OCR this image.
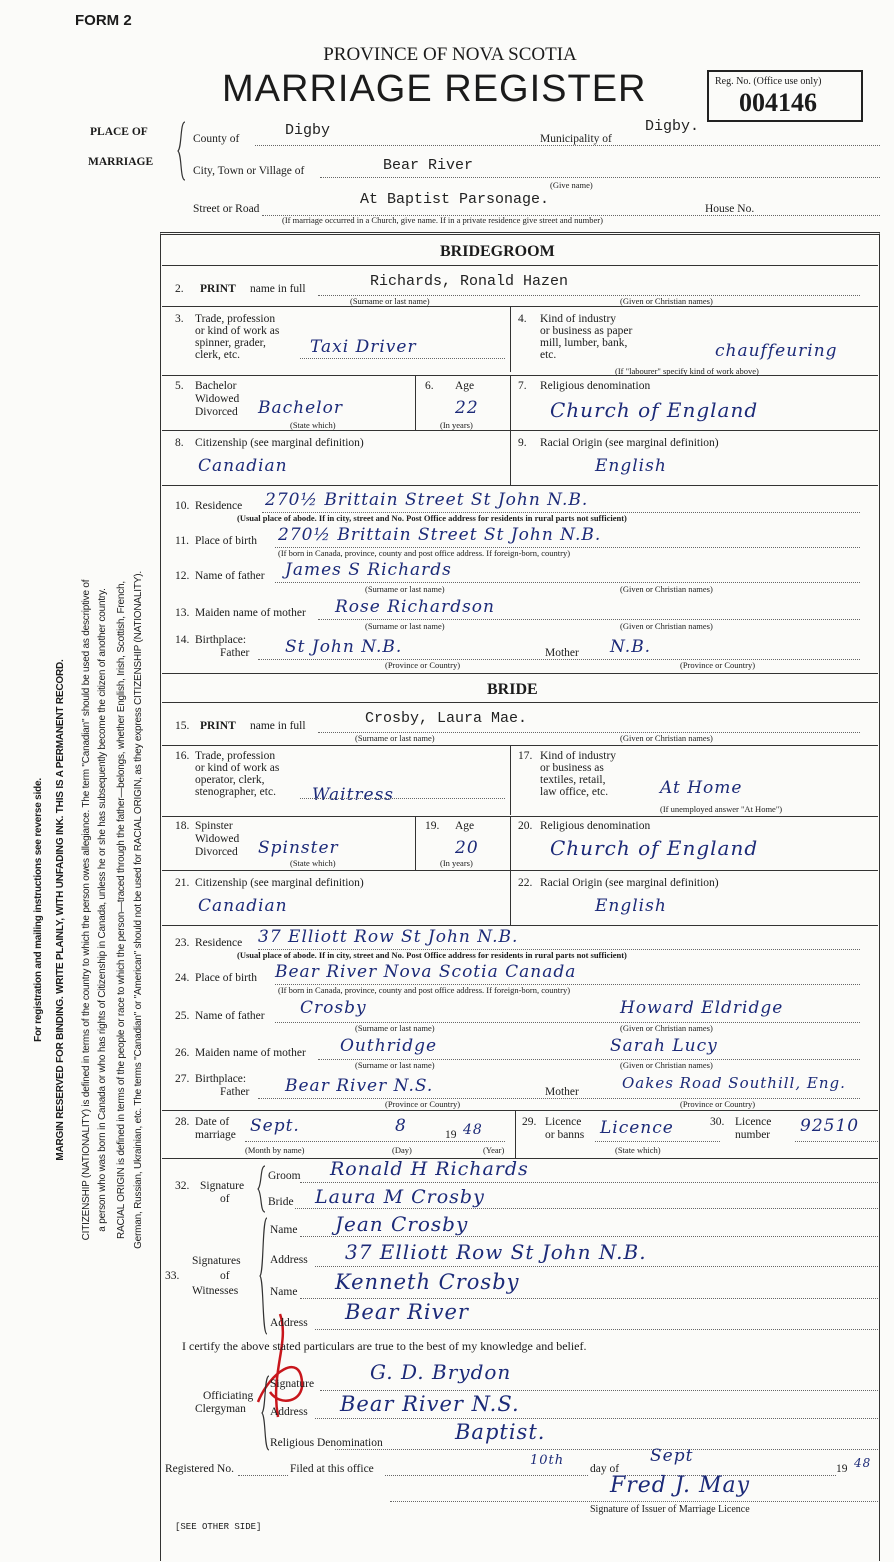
FORM 2
PROVINCE OF NOVA SCOTIA
MARRIAGE REGISTER	Reg. No. (Office use only)
004146
For registration and mailing instructions see reverse side. MARGIN RESERVED FOR BINDING. WRITE PLAINLY, WITH UNFADING INK. THIS IS A PERMANENT RECORD. CITIZENSHIP (NATIONALITY) is defined in terms of the country to which the person owes allegiance. The term "Canadian" should be used as descriptive of a person who was born in Canada or who has rights of Citizenship in Canada, unless he or she has subsequently become the citizen of another country. RACIAL ORIGIN is defined in terms of the people or race to which the person—traced through the father—belongs, whether English, Irish, Scottish, French, German, Russian, Ukrainian, etc. The terms "Canadian" or "American" should not be used for RACIAL ORIGIN, as they express CITIZENSHIP (NATIONALITY).
PLACE OF
MARRIAGE
County of	Digby	Municipality of
Digby.
City, Town or Village of	Bear River
(Give name)
Street or Road
At Baptist Parsonage.
House No.
(If marriage occurred in a Church, give name. If in a private residence give street and number)
BRIDEGROOM
2. PRINT name in full	Richards, Ronald Hazen
(Surname or last name)	(Given or Christian names)
3. Trade, profession
or kind of work as
spinner, grader,
clerk, etc.	Taxi Driver
4. Kind of industry
or business as paper
mill, lumber, bank,
etc.	chauffeuring
(If "labourer" specify kind of work above)
5. Bachelor
Widowed
Divorced Bachelor
(State which)
6. Age
22
(In years)
7. Religious denomination
Church of England
8. Citizenship (see marginal definition)
Canadian
9. Racial Origin (see marginal definition)
English
10. Residence 270½ Brittain Street St John N.B.
(Usual place of abode. If in city, street and No. Post Office address for residents in rural parts not sufficient)
11. Place of birth 270½ Brittain Street St John N.B.
(If born in Canada, province, county and post office address. If foreign-born, country)
12. Name of father James S Richards
(Surname or last name)	(Given or Christian names)
13. Maiden name of mother Rose Richardson
(Surname or last name)	(Given or Christian names)
14. Birthplace:
Father St John N.B.	Mother N.B.
(Province or Country)	(Province or Country)
BRIDE
15. PRINT name in full	Crosby, Laura Mae.
(Surname or last name)	(Given or Christian names)
16. Trade, profession
or kind of work as
operator, clerk,
stenographer, etc. Waitress
17. Kind of industry
or business as
textiles, retail,
law office, etc.	At Home
(If unemployed answer "At Home")
18. Spinster
Widowed
Divorced Spinster
(State which)
19. Age
20
(In years)
20. Religious denomination
Church of England
21. Citizenship (see marginal definition)
Canadian
22. Racial Origin (see marginal definition)
English
23. Residence 37 Elliott Row St John N.B.
(Usual place of abode. If in city, street and No. Post Office address for residents in rural parts not sufficient)
24. Place of birth Bear River Nova Scotia Canada
(If born in Canada, province, county and post office address. If foreign-born, country)
25. Name of father Crosby	Howard Eldridge
(Surname or last name)	(Given or Christian names)
26. Maiden name of mother Outhridge	Sarah Lucy
(Surname or last name)	(Given or Christian names)
27. Birthplace:
Father Bear River N.S.	Mother	Oakes Road Southill, Eng.
(Province or Country)	(Province or Country)
28. Date of
marriage Sept.	8	19 48
(Month by name)	(Day)	(Year)
29. Licence
or banns Licence
(State which)
30. Licence
number 92510
32. Signature
of
Groom Ronald H Richards
Bride Laura M Crosby
33.
Signatures
of
Witnesses
Name Jean Crosby
Address 37 Elliott Row St John N.B.
Name Kenneth Crosby
Address Bear River
I certify the above stated particulars are true to the best of my knowledge and belief.
Officiating
Clergyman
Signature	G. D. Brydon
Address Bear River N.S.
Religious Denomination	Baptist.
Registered No.	Filed at this office
10th
day of
Sept
19 48
Fred J. May
Signature of Issuer of Marriage Licence
[SEE OTHER SIDE]
